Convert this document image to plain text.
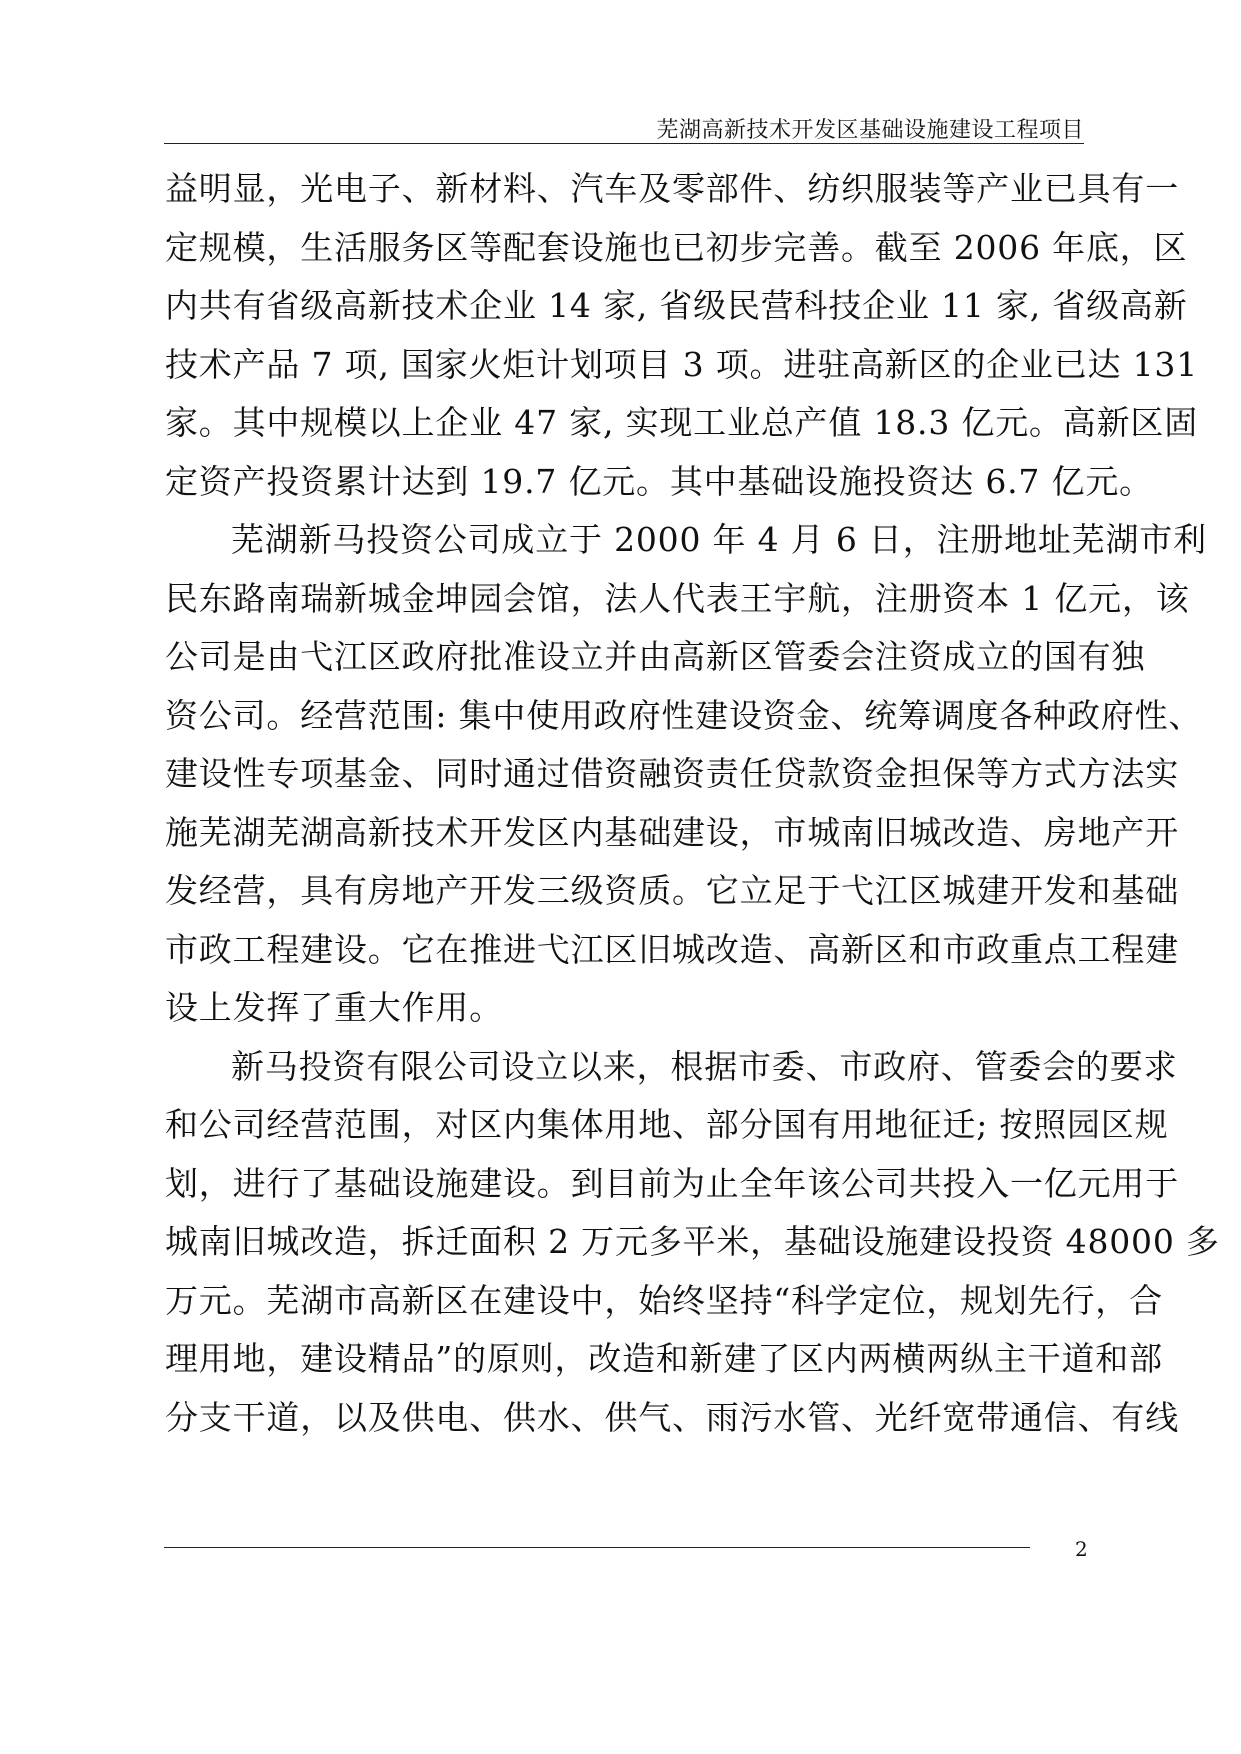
芜湖高新技术开发区基础设施建设工程项目

益明显，光电子、新材料、汽车及零部件、纺织服装等产业已具有一
定规模，生活服务区等配套设施也已初步完善。截至 2006 年底，区
内共有省级高新技术企业 14 家, 省级民营科技企业 11 家, 省级高新
技术产品 7 项, 国家火炬计划项目 3 项。进驻高新区的企业已达 131
家。其中规模以上企业 47 家, 实现工业总产值 18.3 亿元。高新区固
定资产投资累计达到 19.7 亿元。其中基础设施投资达 6.7 亿元。

芜湖新马投资公司成立于 2000 年 4 月 6 日，注册地址芜湖市利
民东路南瑞新城金坤园会馆，法人代表王宇航，注册资本 1 亿元，该
公司是由弋江区政府批准设立并由高新区管委会注资成立的国有独
资公司。经营范围: 集中使用政府性建设资金、统筹调度各种政府性、
建设性专项基金、同时通过借资融资责任贷款资金担保等方式方法实
施芜湖芜湖高新技术开发区内基础建设，市城南旧城改造、房地产开
发经营，具有房地产开发三级资质。它立足于弋江区城建开发和基础
市政工程建设。它在推进弋江区旧城改造、高新区和市政重点工程建
设上发挥了重大作用。

新马投资有限公司设立以来，根据市委、市政府、管委会的要求
和公司经营范围，对区内集体用地、部分国有用地征迁; 按照园区规
划，进行了基础设施建设。到目前为止全年该公司共投入一亿元用于
城南旧城改造，拆迁面积 2 万元多平米，基础设施建设投资 48000 多
万元。芜湖市高新区在建设中，始终坚持“科学定位，规划先行，合
理用地，建设精品”的原则，改造和新建了区内两横两纵主干道和部
分支干道，以及供电、供水、供气、雨污水管、光纤宽带通信、有线

2
